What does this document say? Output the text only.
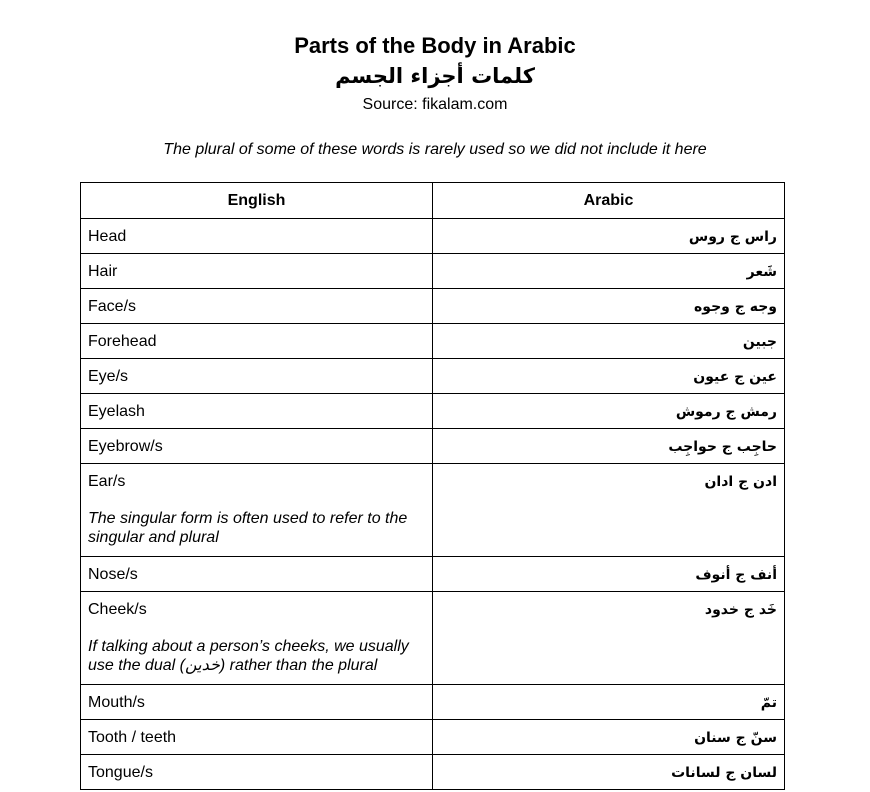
Parts of the Body in Arabic
كلمات أجزاء الجسم
Source: fikalam.com
The plural of some of these words is rarely used so we did not include it here
English	Arabic

Head	راس ج روس

Hair	شَعر

Face/s	وجه ج وجوه

Forehead	جبين

Eye/s	عين ج عيون

Eyelash	رمش ج رموش

Eyebrow/s	حاجِب ج حواجِب

Ear/s
The singular form is often used to refer to the singular and plural	ادن ج ادان

Nose/s	أنف ج أنوف

Cheek/s
If talking about a person’s cheeks, we usually use the dual (خدين) rather than the plural	خَد ج خدود

Mouth/s	تمّ

Tooth / teeth	سنّ ج سنان

Tongue/s	لسان ج لسانات
